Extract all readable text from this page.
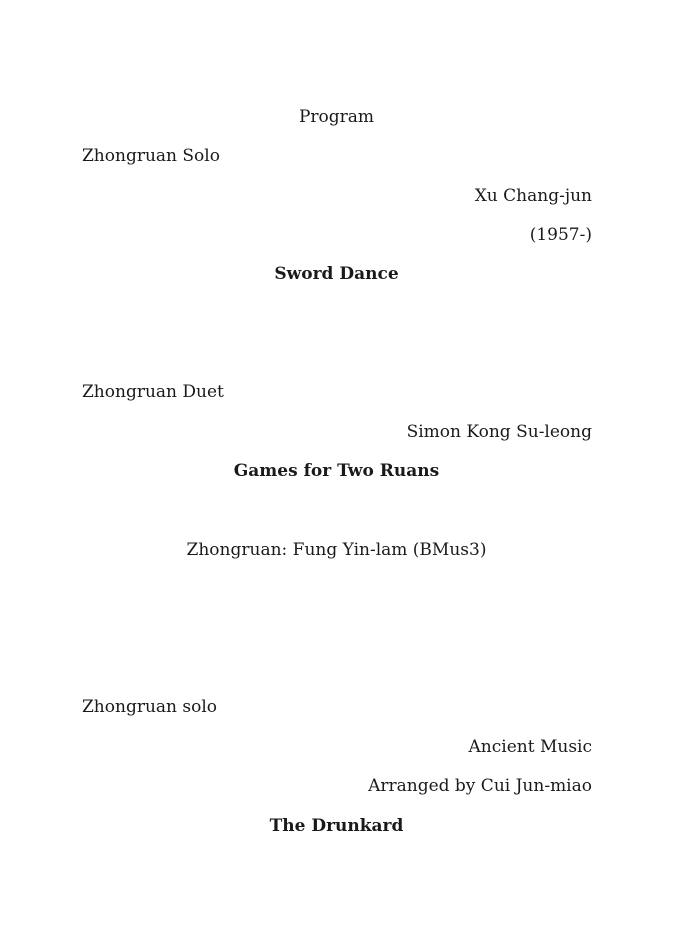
Program
Zhongruan Solo
Xu Chang-jun
(1957-)
Sword Dance
Zhongruan Duet
Simon Kong Su-leong
Games for Two Ruans
Zhongruan: Fung Yin-lam (BMus3)
Zhongruan solo
Ancient Music
Arranged by Cui Jun-miao
The Drunkard
